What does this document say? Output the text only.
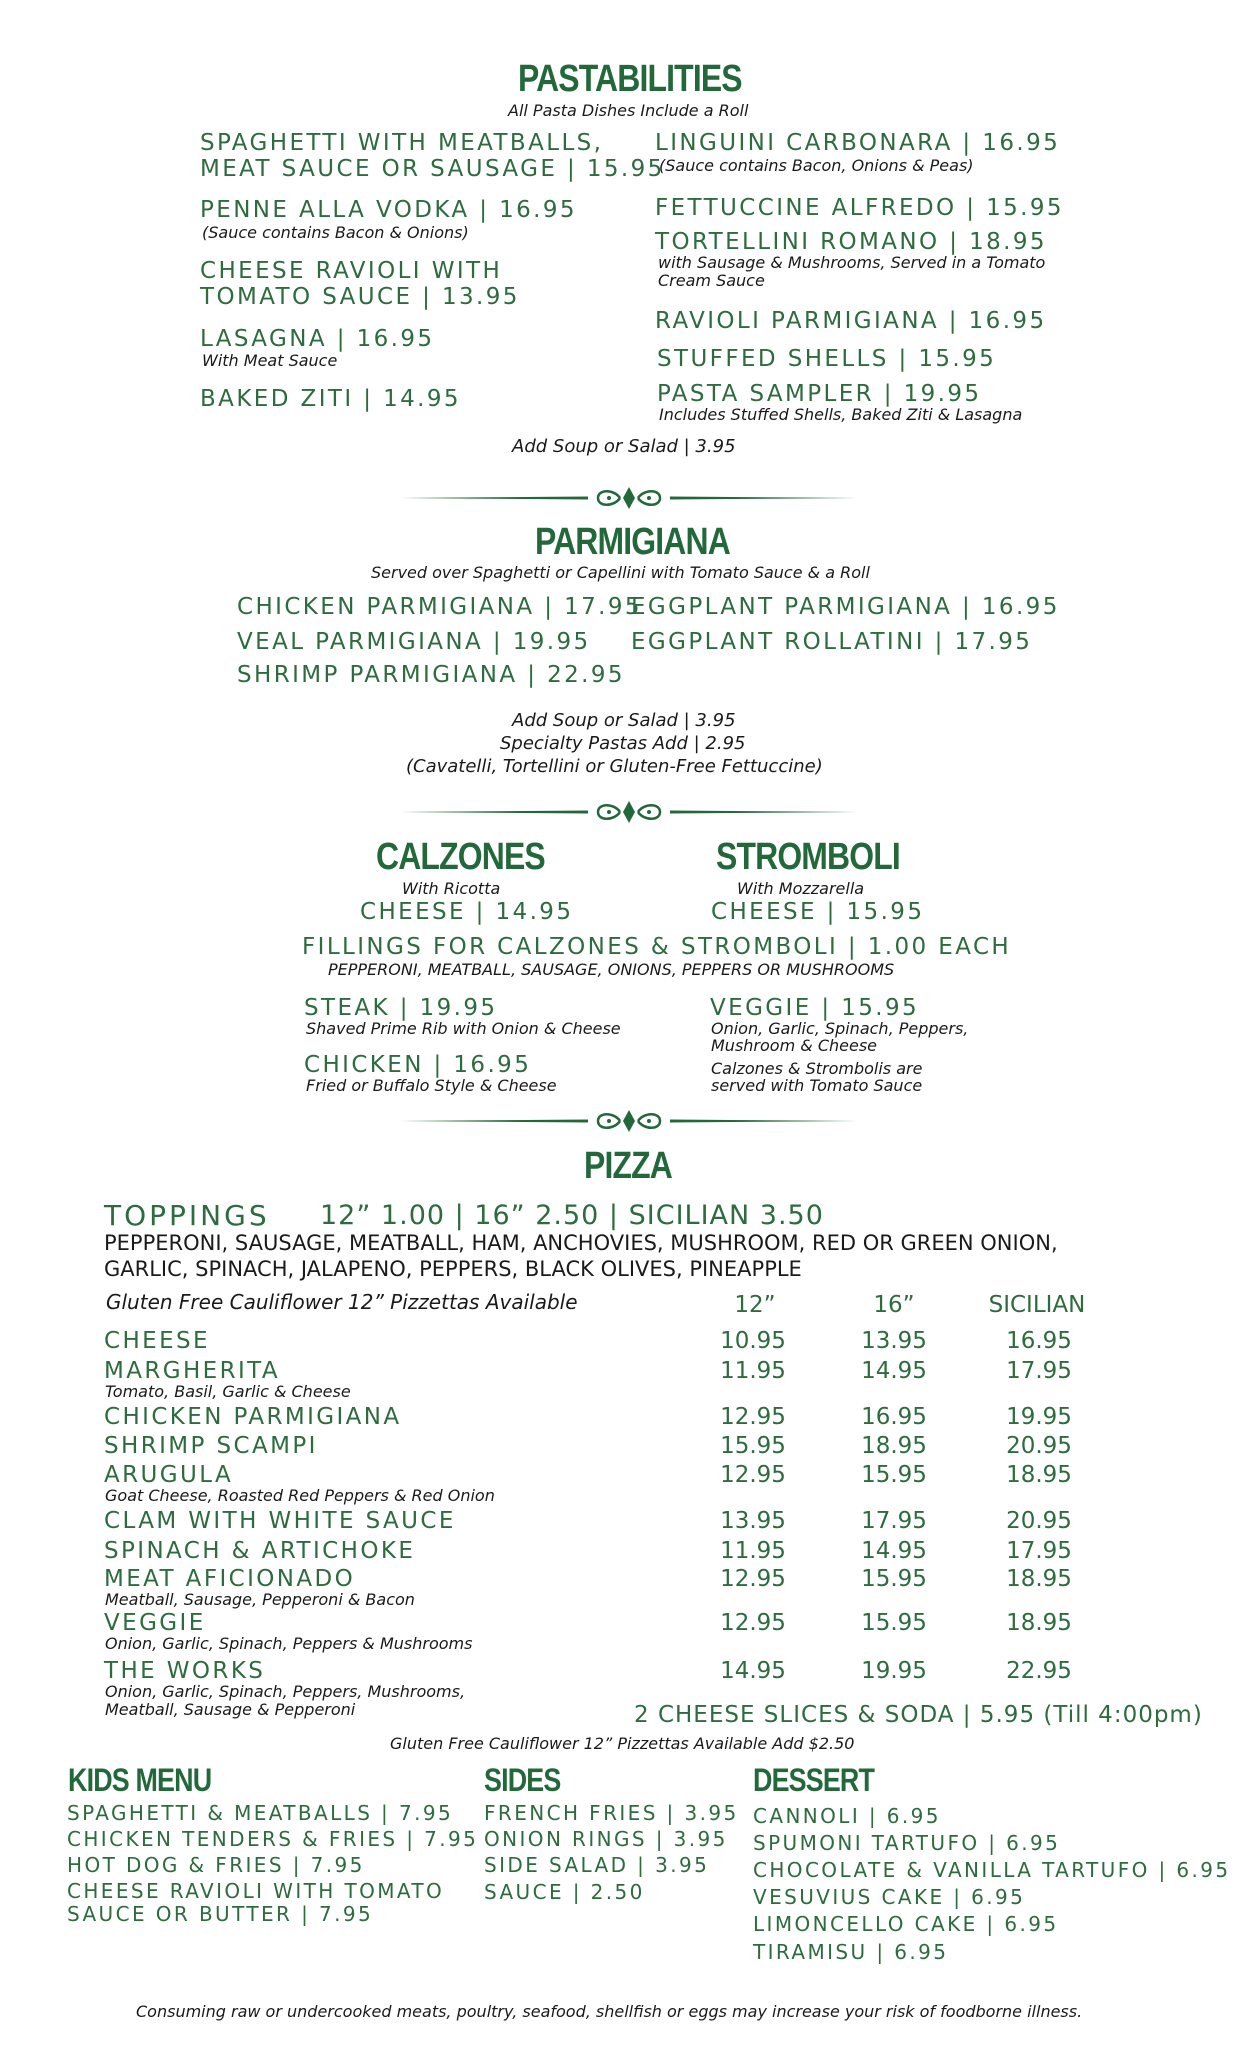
PASTABILITIES
All Pasta Dishes Include a Roll
SPAGHETTI WITH MEATBALLS,
MEAT SAUCE OR SAUSAGE | 15.95
PENNE ALLA VODKA | 16.95
(Sauce contains Bacon & Onions)
CHEESE RAVIOLI WITH
TOMATO SAUCE | 13.95
LASAGNA | 16.95
With Meat Sauce
BAKED ZITI | 14.95
LINGUINI CARBONARA | 16.95
(Sauce contains Bacon, Onions & Peas)
FETTUCCINE ALFREDO | 15.95
TORTELLINI ROMANO | 18.95
with Sausage & Mushrooms, Served in a Tomato
Cream Sauce
RAVIOLI PARMIGIANA | 16.95
STUFFED SHELLS | 15.95
PASTA SAMPLER | 19.95
Includes Stuffed Shells, Baked Ziti & Lasagna
Add Soup or Salad | 3.95
PARMIGIANA
Served over Spaghetti or Capellini with Tomato Sauce & a Roll
CHICKEN PARMIGIANA | 17.95
VEAL PARMIGIANA | 19.95
SHRIMP PARMIGIANA | 22.95
EGGPLANT PARMIGIANA | 16.95
EGGPLANT ROLLATINI | 17.95
Add Soup or Salad | 3.95
Specialty Pastas Add | 2.95
(Cavatelli, Tortellini or Gluten-Free Fettuccine)
CALZONES
With Ricotta
CHEESE | 14.95
STROMBOLI
With Mozzarella
CHEESE | 15.95
FILLINGS FOR CALZONES & STROMBOLI | 1.00 EACH
PEPPERONI, MEATBALL, SAUSAGE, ONIONS, PEPPERS OR MUSHROOMS
STEAK | 19.95
Shaved Prime Rib with Onion & Cheese
CHICKEN | 16.95
Fried or Buffalo Style & Cheese
VEGGIE | 15.95
Onion, Garlic, Spinach, Peppers,
Mushroom & Cheese
Calzones & Strombolis are
served with Tomato Sauce
PIZZA
TOPPINGS 12” 1.00 | 16” 2.50 | SICILIAN 3.50
PEPPERONI, SAUSAGE, MEATBALL, HAM, ANCHOVIES, MUSHROOM, RED OR GREEN ONION,
GARLIC, SPINACH, JALAPENO, PEPPERS, BLACK OLIVES, PINEAPPLE
Gluten Free Cauliflower 12” Pizzettas Available	12”	16”	SICILIAN
CHEESE	10.95	13.95	16.95
MARGHERITA
Tomato, Basil, Garlic & Cheese
11.95	14.95	17.95
CHICKEN PARMIGIANA	12.95	16.95	19.95
SHRIMP SCAMPI	15.95	18.95	20.95
ARUGULA
Goat Cheese, Roasted Red Peppers & Red Onion
12.95	15.95	18.95
CLAM WITH WHITE SAUCE	13.95	17.95	20.95
SPINACH & ARTICHOKE	11.95	14.95	17.95
MEAT AFICIONADO
Meatball, Sausage, Pepperoni & Bacon
12.95	15.95	18.95
VEGGIE
Onion, Garlic, Spinach, Peppers & Mushrooms
12.95	15.95	18.95
THE WORKS
Onion, Garlic, Spinach, Peppers, Mushrooms,
Meatball, Sausage & Pepperoni
14.95	19.95	22.95
2 CHEESE SLICES & SODA | 5.95 (Till 4:00pm)
Gluten Free Cauliflower 12” Pizzettas Available Add $2.50
KIDS MENU
SPAGHETTI & MEATBALLS | 7.95
CHICKEN TENDERS & FRIES | 7.95
HOT DOG & FRIES | 7.95
CHEESE RAVIOLI WITH TOMATO
SAUCE OR BUTTER | 7.95
SIDES
FRENCH FRIES | 3.95
ONION RINGS | 3.95
SIDE SALAD | 3.95
SAUCE | 2.50
DESSERT
CANNOLI | 6.95
SPUMONI TARTUFO | 6.95
CHOCOLATE & VANILLA TARTUFO | 6.95
VESUVIUS CAKE | 6.95
LIMONCELLO CAKE | 6.95
TIRAMISU | 6.95
Consuming raw or undercooked meats, poultry, seafood, shellfish or eggs may increase your risk of foodborne illness.
